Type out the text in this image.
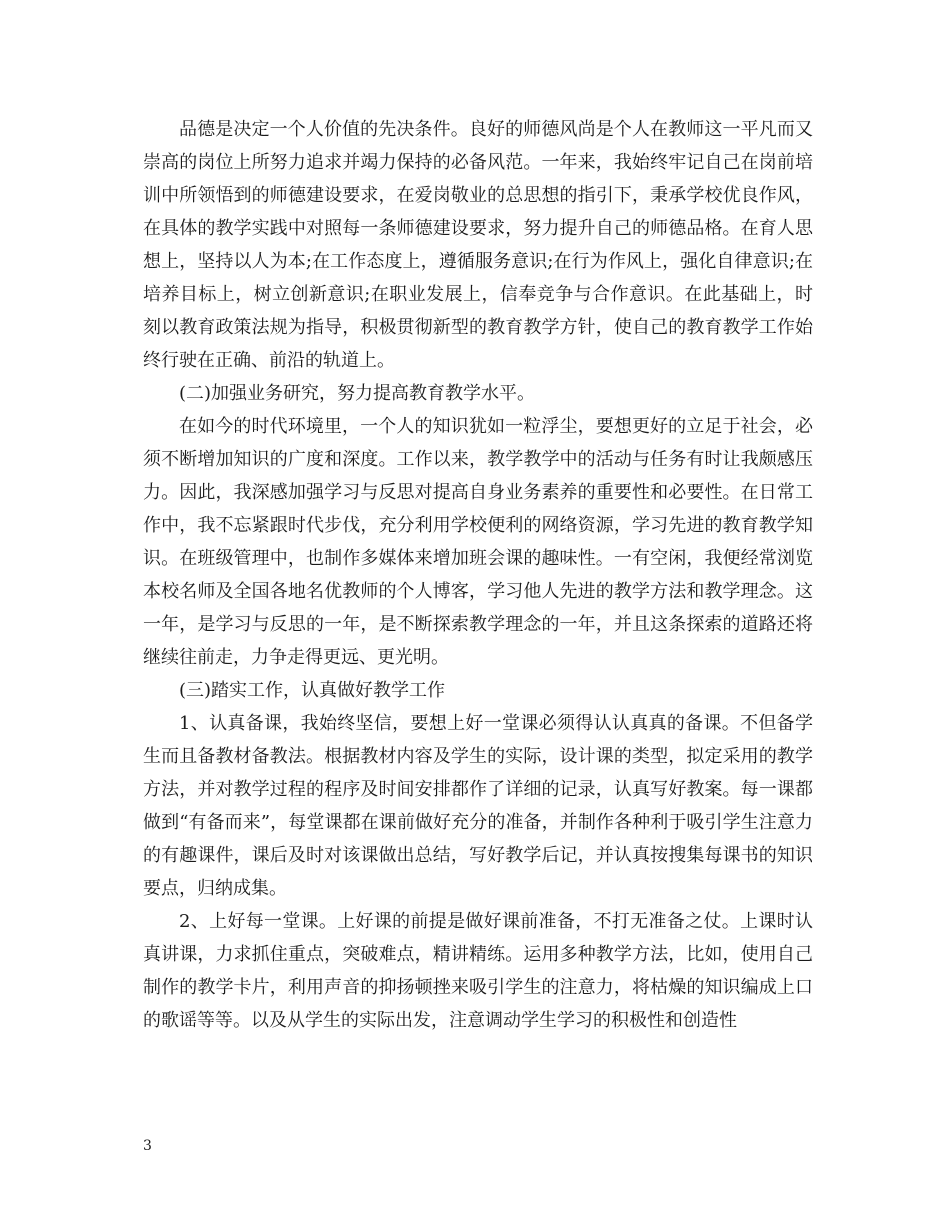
品德是决定一个人价值的先决条件。良好的师德风尚是个人在教师这一平凡而又崇高的岗位上所努力追求并竭力保持的必备风范。一年来，我始终牢记自己在岗前培训中所领悟到的师德建设要求，在爱岗敬业的总思想的指引下，秉承学校优良作风，在具体的教学实践中对照每一条师德建设要求，努力提升自己的师德品格。在育人思想上，坚持以人为本;在工作态度上，遵循服务意识;在行为作风上，强化自律意识;在培养目标上，树立创新意识;在职业发展上，信奉竞争与合作意识。在此基础上，时刻以教育政策法规为指导，积极贯彻新型的教育教学方针，使自己的教育教学工作始终行驶在正确、前沿的轨道上。

(二)加强业务研究，努力提高教育教学水平。

在如今的时代环境里，一个人的知识犹如一粒浮尘，要想更好的立足于社会，必须不断增加知识的广度和深度。工作以来，教学教学中的活动与任务有时让我颇感压力。因此，我深感加强学习与反思对提高自身业务素养的重要性和必要性。在日常工作中，我不忘紧跟时代步伐，充分利用学校便利的网络资源，学习先进的教育教学知识。在班级管理中，也制作多媒体来增加班会课的趣味性。一有空闲，我便经常浏览本校名师及全国各地名优教师的个人博客，学习他人先进的教学方法和教学理念。这一年，是学习与反思的一年，是不断探索教学理念的一年，并且这条探索的道路还将继续往前走，力争走得更远、更光明。

(三)踏实工作，认真做好教学工作

1、认真备课，我始终坚信，要想上好一堂课必须得认认真真的备课。不但备学生而且备教材备教法。根据教材内容及学生的实际，设计课的类型，拟定采用的教学方法，并对教学过程的程序及时间安排都作了详细的记录，认真写好教案。每一课都做到“有备而来”，每堂课都在课前做好充分的准备，并制作各种利于吸引学生注意力的有趣课件，课后及时对该课做出总结，写好教学后记，并认真按搜集每课书的知识要点，归纳成集。

2、上好每一堂课。上好课的前提是做好课前准备，不打无准备之仗。上课时认真讲课，力求抓住重点，突破难点，精讲精练。运用多种教学方法，比如，使用自己制作的教学卡片，利用声音的抑扬顿挫来吸引学生的注意力，将枯燥的知识编成上口的歌谣等等。以及从学生的实际出发，注意调动学生学习的积极性和创造性

3
